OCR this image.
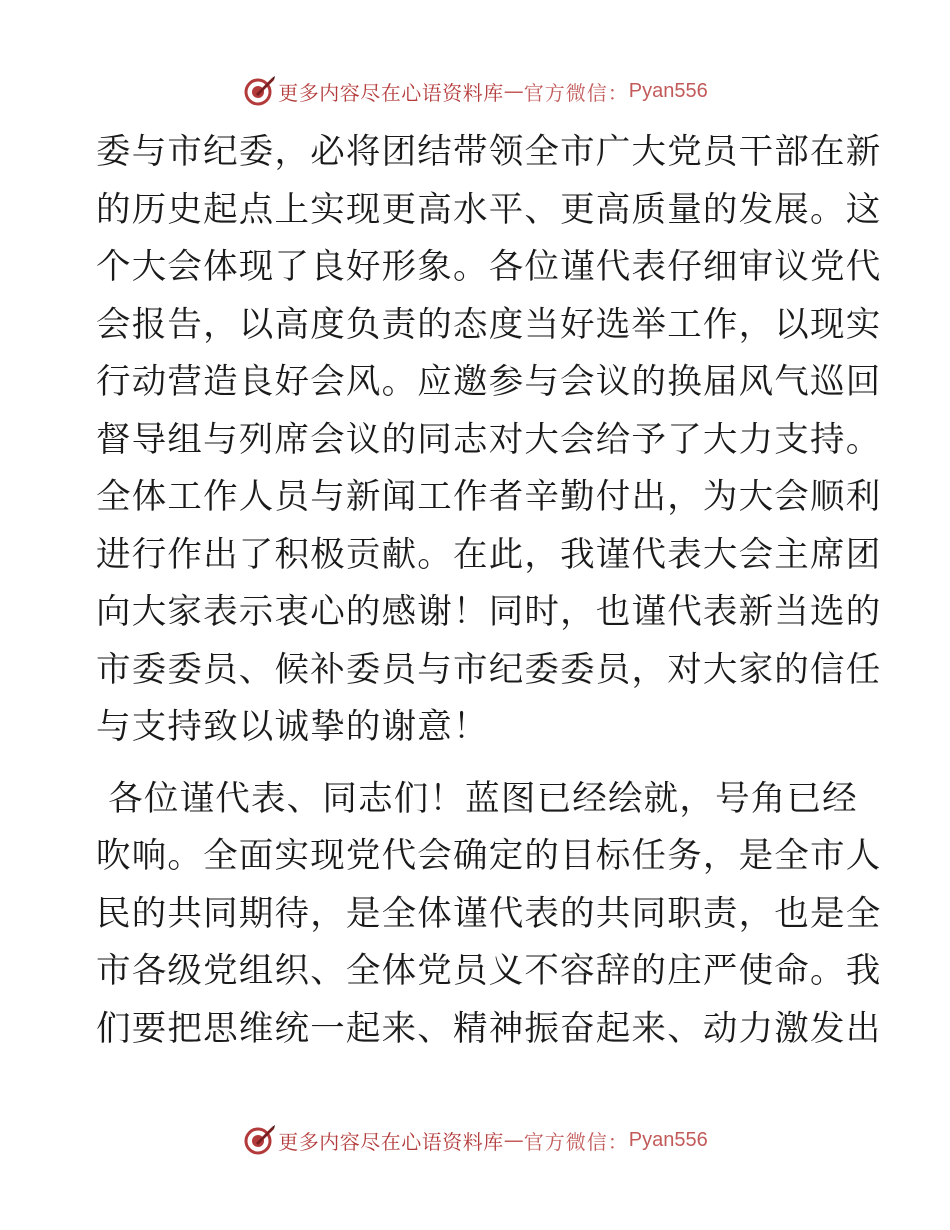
更多内容尽在心语资料库 — 官方微信： Pyan556
委与市纪委，必将团结带领全市广大党员干部在新
的历史起点上实现更高水平、更高质量的发展。这
个大会体现了良好形象。各位谨代表仔细审议党代
会报告，以高度负责的态度当好选举工作，以现实
行动营造良好会风。应邀参与会议的换届风气巡回
督导组与列席会议的同志对大会给予了大力支持。
全体工作人员与新闻工作者辛勤付出，为大会顺利
进行作出了积极贡献。在此，我谨代表大会主席团
向大家表示衷心的感谢！同时，也谨代表新当选的
市委委员、候补委员与市纪委委员，对大家的信任
与支持致以诚挚的谢意！
各位谨代表、同志们！蓝图已经绘就，号角已经
吹响。全面实现党代会确定的目标任务，是全市人
民的共同期待，是全体谨代表的共同职责，也是全
市各级党组织、全体党员义不容辞的庄严使命。我
们要把思维统一起来、精神振奋起来、动力激发出
更多内容尽在心语资料库 — 官方微信： Pyan556
